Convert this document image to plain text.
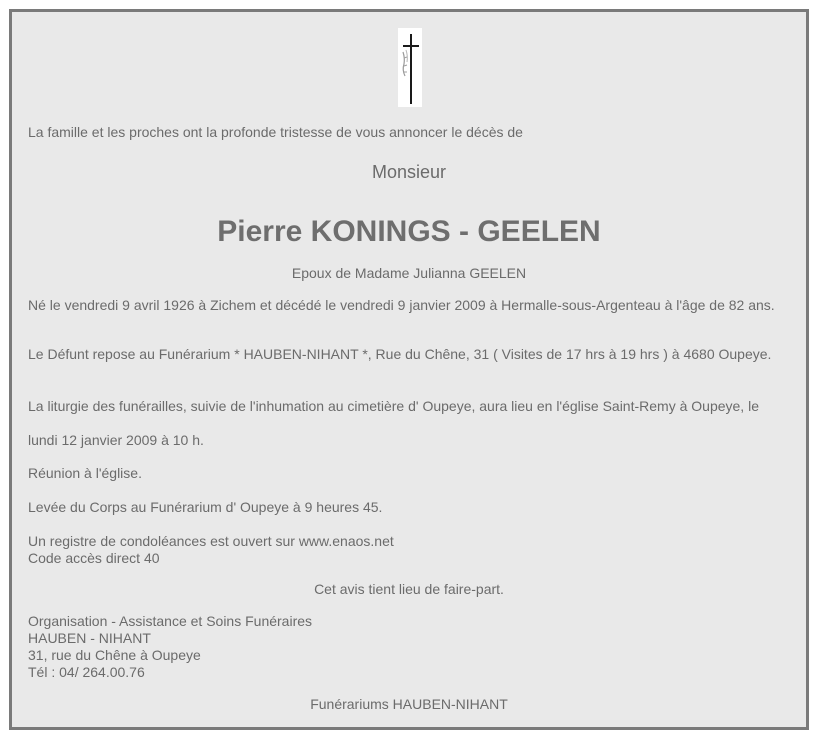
La famille et les proches ont la profonde tristesse de vous annoncer le décès de

Monsieur
Pierre KONINGS - GEELEN

Epoux de Madame Julianna GEELEN

Né le vendredi 9 avril 1926 à Zichem et décédé le vendredi 9 janvier 2009 à Hermalle-sous-Argenteau à l'âge de 82 ans.

Le Défunt repose au Funérarium * HAUBEN-NIHANT *, Rue du Chêne, 31 ( Visites de 17 hrs à 19 hrs ) à 4680 Oupeye.

La liturgie des funérailles, suivie de l'inhumation au cimetière d' Oupeye, aura lieu en l'église Saint-Remy à Oupeye, le

lundi 12 janvier 2009 à 10 h.

Réunion à l'église.

Levée du Corps au Funérarium d' Oupeye à 9 heures 45.

Un registre de condoléances est ouvert sur www.enaos.net

Code accès direct 40

Cet avis tient lieu de faire-part.

Organisation - Assistance et Soins Funéraires

HAUBEN - NIHANT

31, rue du Chêne à Oupeye

Tél : 04/ 264.00.76

Funérariums HAUBEN-NIHANT
